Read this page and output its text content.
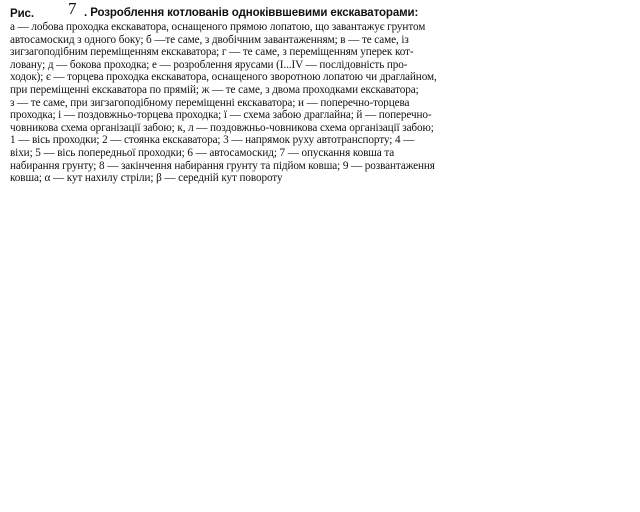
Рис. 7 . Розроблення котлованів одноківвшевими екскаваторами:
а — лобова проходка екскаватора, оснащеного прямою лопатою, що завантажує грунтом
автосамоскид з одного боку; б —те саме, з двобічним завантаженням; в — те саме, із
зигзагоподібним переміщенням екскаватора; г — те саме, з переміщенням уперек кот-
ловану; д — бокова проходка; е — розроблення ярусами (І...IV — послідовність про-
ходок); є — торцева проходка екскаватора, оснащеного зворотною лопатою чи драглайном,
при переміщенні екскаватора по прямій; ж — те саме, з двома проходками екскаватора;
з — те саме, при зигзагоподібному переміщенні екскаватора; и — поперечно-торцева
проходка; і — поздовжньо-торцева проходка; ї — схема забою драглайна; й — поперечно-
човникова схема організації забою; к, л — поздовжньо-човникова схема організації забою;
1 — вісь проходки; 2 — стоянка екскаватора; 3 — напрямок руху автотранспорту; 4 —
віхи; 5 — вісь попередньої проходки; 6 — автосамоскид; 7 — опускання ковша та
набирання грунту; 8 — закінчення набирання грунту та підйом ковша; 9 — розвантаження
ковша; α — кут нахилу стріли; β — середній кут повороту
